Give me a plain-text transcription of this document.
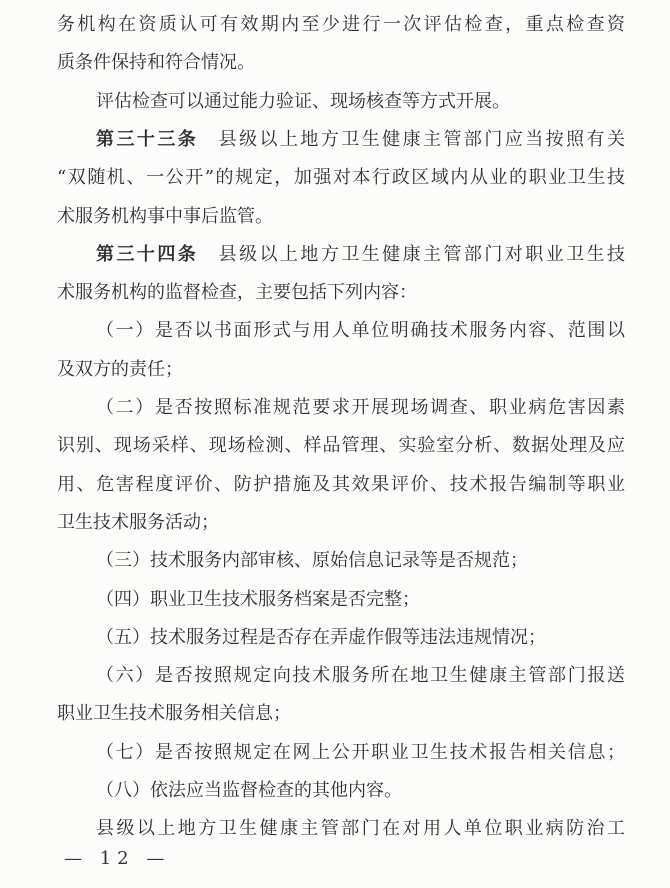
务机构在资质认可有效期内至少进行一次评估检查，重点检查资
质条件保持和符合情况。
评估检查可以通过能力验证、现场核查等方式开展。
第三十三条　县级以上地方卫生健康主管部门应当按照有关
“双随机、一公开”的规定，加强对本行政区域内从业的职业卫生技
术服务机构事中事后监管。
第三十四条　县级以上地方卫生健康主管部门对职业卫生技
术服务机构的监督检查，主要包括下列内容：
（一）是否以书面形式与用人单位明确技术服务内容、范围以
及双方的责任；
（二）是否按照标准规范要求开展现场调查、职业病危害因素
识别、现场采样、现场检测、样品管理、实验室分析、数据处理及应
用、危害程度评价、防护措施及其效果评价、技术报告编制等职业
卫生技术服务活动；
（三）技术服务内部审核、原始信息记录等是否规范；
（四）职业卫生技术服务档案是否完整；
（五）技术服务过程是否存在弄虚作假等违法违规情况；
（六）是否按照规定向技术服务所在地卫生健康主管部门报送
职业卫生技术服务相关信息；
（七）是否按照规定在网上公开职业卫生技术报告相关信息；
（八）依法应当监督检查的其他内容。
县级以上地方卫生健康主管部门在对用人单位职业病防治工
— 12 —
